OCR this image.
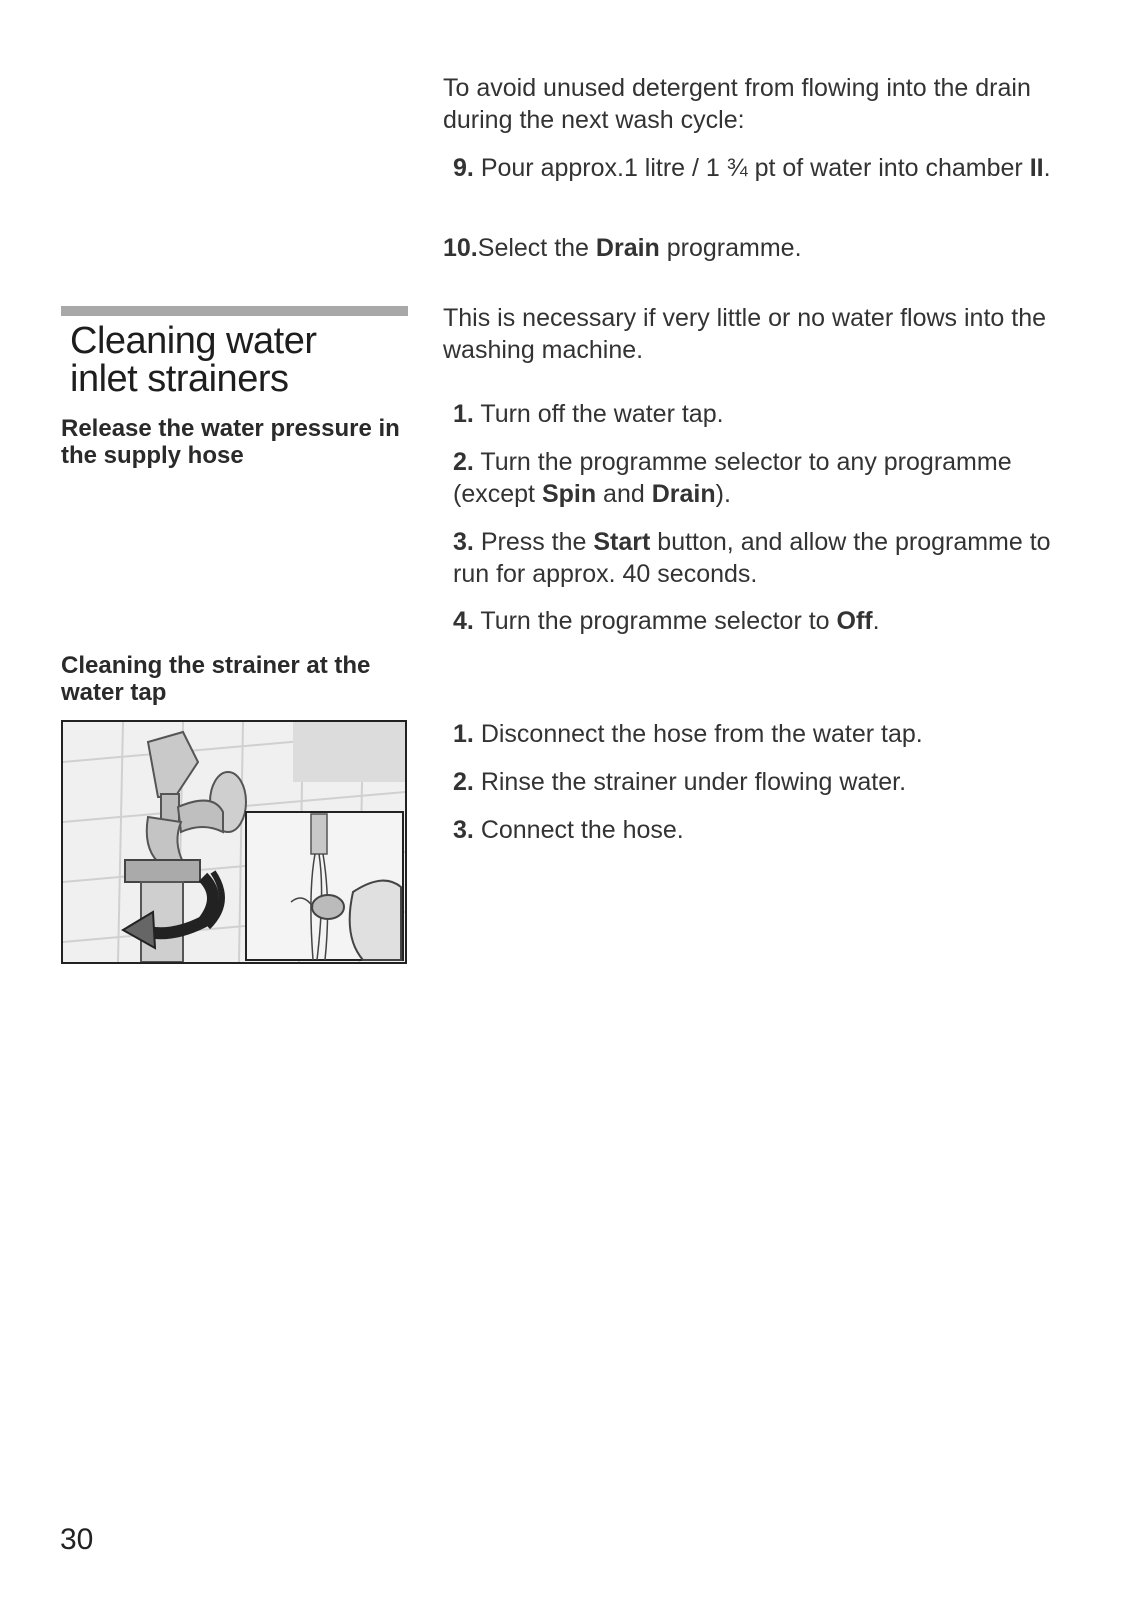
To avoid unused detergent from flowing into the drain during the next wash cycle:
9. Pour approx.1 litre / 1 ¾ pt of water into chamber II.
10.Select the Drain programme.
Cleaning water
inlet strainers
Release the water pressure in the supply hose
Cleaning the strainer at the water tap
This is necessary if very little or no water flows into the washing machine.
1. Turn off the water tap.
2. Turn the programme selector to any programme (except Spin and Drain).
3. Press the Start button, and allow the programme to run for approx. 40 seconds.
4. Turn the programme selector to Off.
1. Disconnect the hose from the water tap.
2. Rinse the strainer under flowing water.
3. Connect the hose.
30
